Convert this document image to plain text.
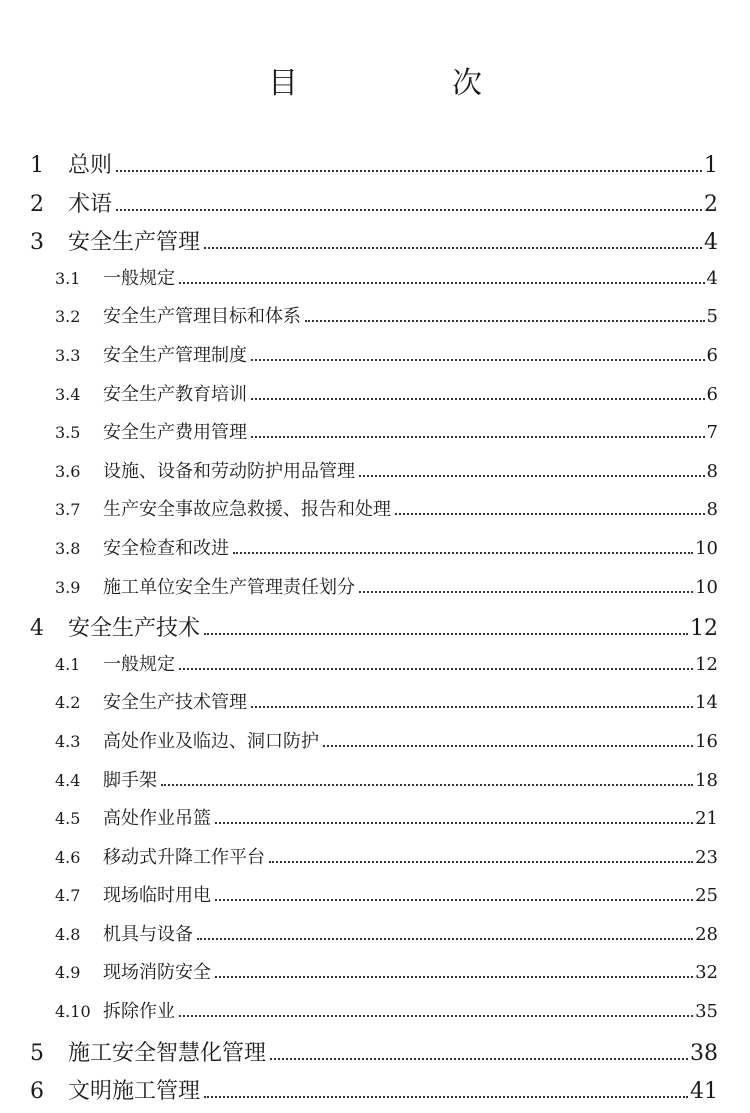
目　次
1	总则	1
2	术语	2
3	安全生产管理	4
3.1	一般规定	4
3.2	安全生产管理目标和体系	5
3.3	安全生产管理制度	6
3.4	安全生产教育培训	6
3.5	安全生产费用管理	7
3.6	设施、设备和劳动防护用品管理	8
3.7	生产安全事故应急救援、报告和处理	8
3.8	安全检查和改进	10
3.9	施工单位安全生产管理责任划分	10
4	安全生产技术	12
4.1	一般规定	12
4.2	安全生产技术管理	14
4.3	高处作业及临边、洞口防护	16
4.4	脚手架	18
4.5	高处作业吊篮	21
4.6	移动式升降工作平台	23
4.7	现场临时用电	25
4.8	机具与设备	28
4.9	现场消防安全	32
4.10 拆除作业	35
5	施工安全智慧化管理	38
6	文明施工管理	41
